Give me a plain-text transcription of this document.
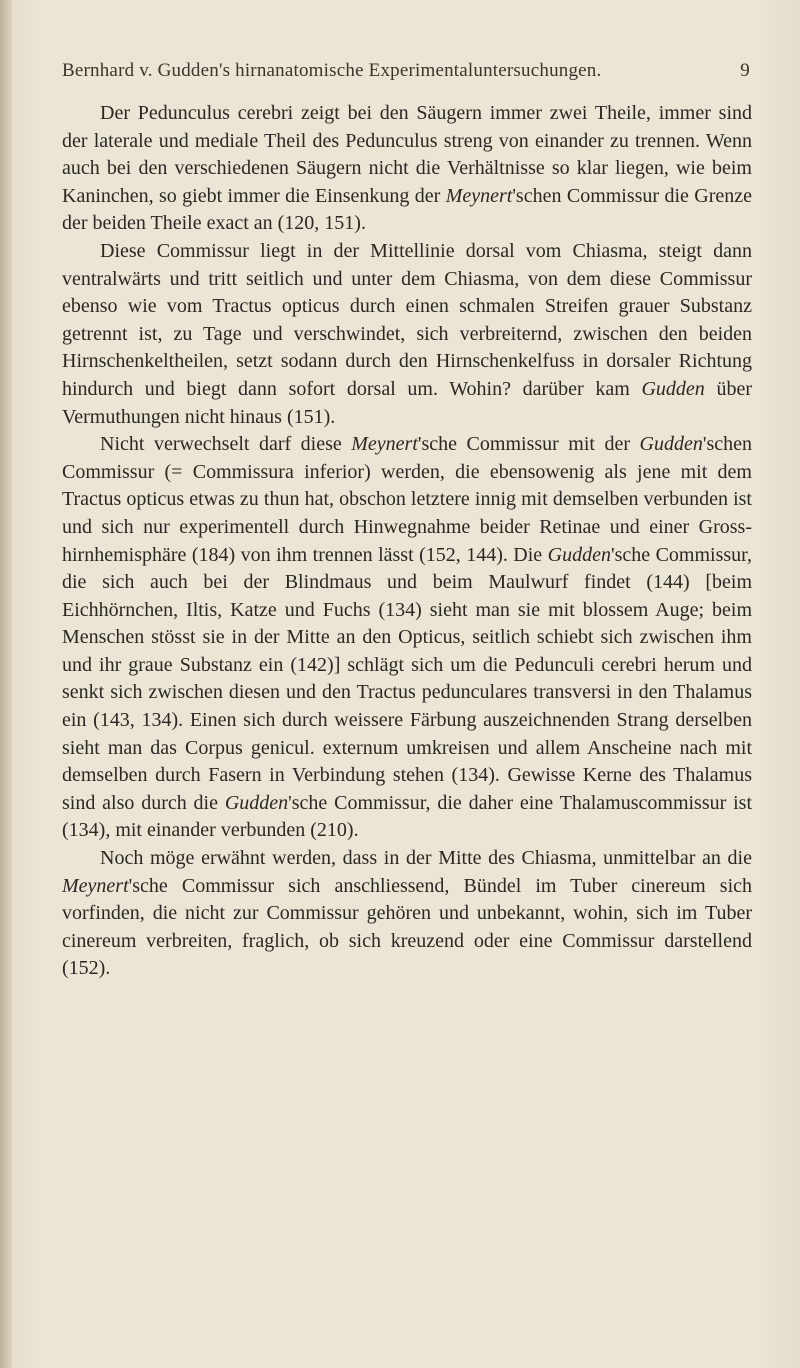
Bernhard v. Gudden's hirnanatomische Experimentaluntersuchungen.	9

Der Pedunculus cerebri zeigt bei den Säugern immer zwei Theile, immer sind der laterale und mediale Theil des Pedunculus streng von einander zu trennen. Wenn auch bei den verschiedenen Säugern nicht die Verhältnisse so klar liegen, wie beim Kaninchen, so giebt immer die Einsenkung der Meynert'schen Commissur die Grenze der beiden Theile exact an (120, 151).

Diese Commissur liegt in der Mittellinie dorsal vom Chiasma, steigt dann ventralwärts und tritt seitlich und unter dem Chiasma, von dem diese Commissur ebenso wie vom Tractus opticus durch einen schmalen Streifen grauer Substanz getrennt ist, zu Tage und verschwindet, sich verbreiternd, zwischen den beiden Hirnschenkeltheilen, setzt sodann durch den Hirnschenkelfuss in dorsaler Richtung hindurch und biegt dann sofort dorsal um. Wohin? darüber kam Gudden über Vermuthungen nicht hinaus (151).

Nicht verwechselt darf diese Meynert'sche Commissur mit der Gudden'schen Commissur (= Commissura inferior) werden, die ebensowenig als jene mit dem Tractus opticus etwas zu thun hat, obschon letztere innig mit demselben verbunden ist und sich nur experimentell durch Hinwegnahme beider Retinae und einer Grosshirnhemisphäre (184) von ihm trennen lässt (152, 144). Die Gudden'sche Commissur, die sich auch bei der Blindmaus und beim Maulwurf findet (144) [beim Eichhörnchen, Iltis, Katze und Fuchs (134) sieht man sie mit blossem Auge; beim Menschen stösst sie in der Mitte an den Opticus, seitlich schiebt sich zwischen ihm und ihr graue Substanz ein (142)] schlägt sich um die Pedunculi cerebri herum und senkt sich zwischen diesen und den Tractus pedunculares transversi in den Thalamus ein (143, 134). Einen sich durch weissere Färbung auszeichnenden Strang derselben sieht man das Corpus genicul. externum umkreisen und allem Anscheine nach mit demselben durch Fasern in Verbindung stehen (134). Gewisse Kerne des Thalamus sind also durch die Gudden'sche Commissur, die daher eine Thalamuscommissur ist (134), mit einander verbunden (210).

Noch möge erwähnt werden, dass in der Mitte des Chiasma, unmittelbar an die Meynert'sche Commissur sich anschliessend, Bündel im Tuber cinereum sich vorfinden, die nicht zur Commissur gehören und unbekannt, wohin, sich im Tuber cinereum verbreiten, fraglich, ob sich kreuzend oder eine Commissur darstellend (152).
